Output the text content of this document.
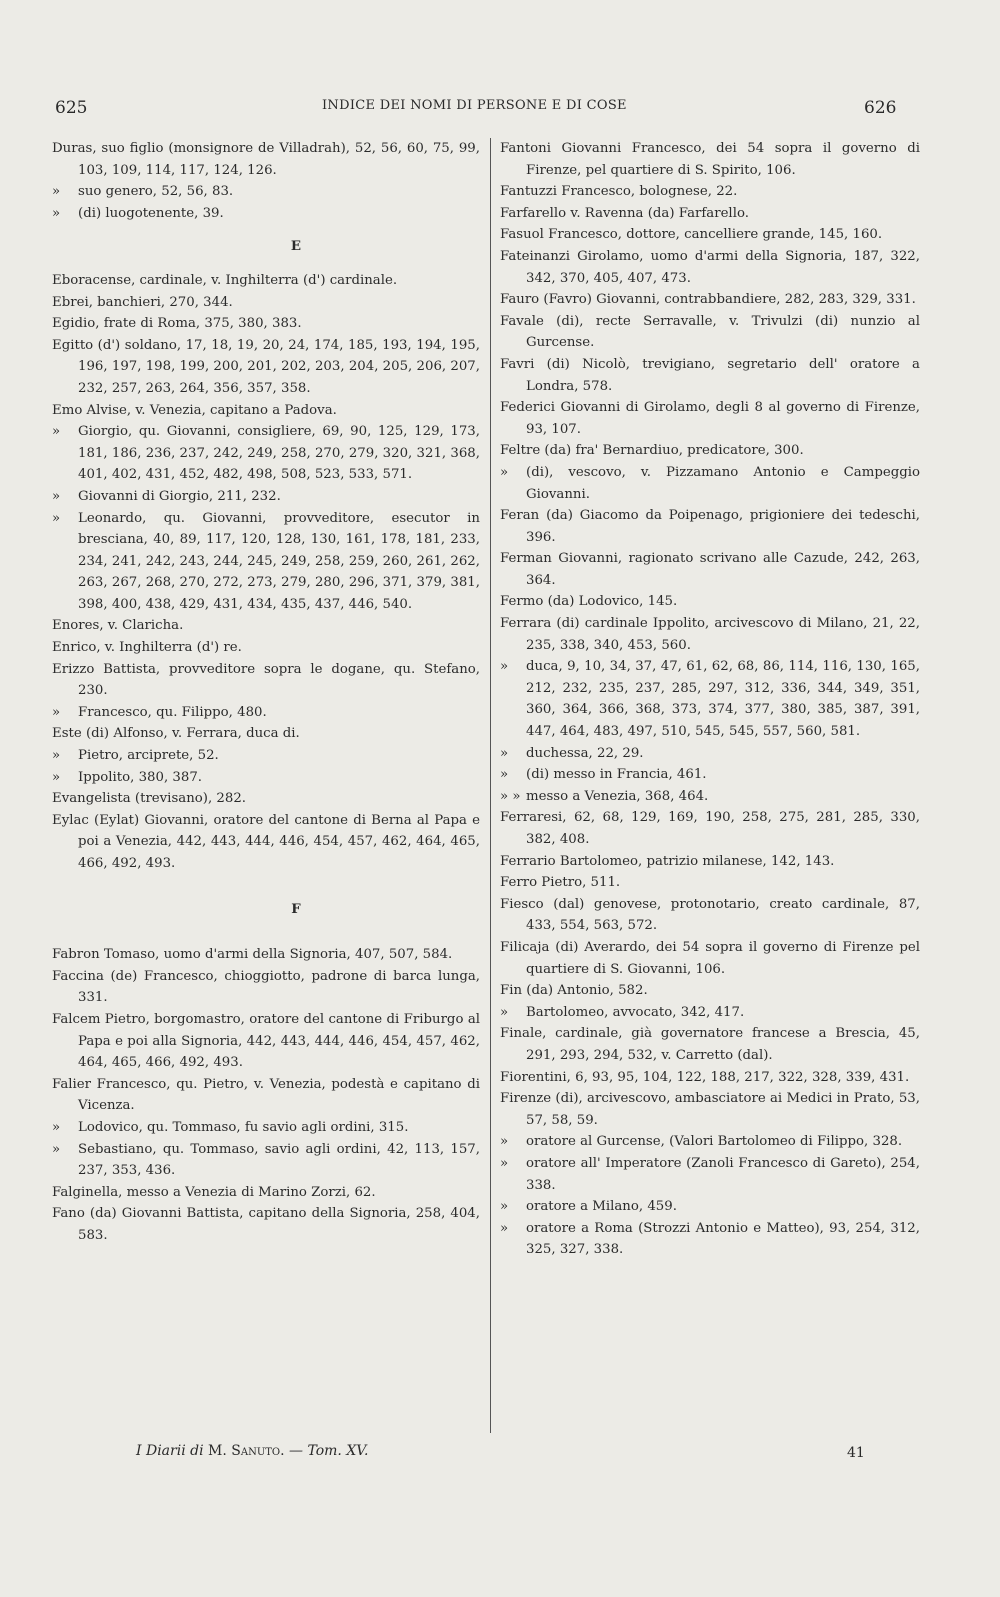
625	INDICE DEI NOMI DI PERSONE E DI COSE	626
Duras, suo figlio (monsignore de Villadrah), 52, 56, 60, 75, 99, 103, 109, 114, 117, 124, 126.
» suo genero, 52, 56, 83.
» (di) luogotenente, 39.
E
Eboracense, cardinale, v. Inghilterra (d') cardinale.
Ebrei, banchieri, 270, 344.
Egidio, frate di Roma, 375, 380, 383.
Egitto (d') soldano, 17, 18, 19, 20, 24, 174, 185, 193, 194, 195, 196, 197, 198, 199, 200, 201, 202, 203, 204, 205, 206, 207, 232, 257, 263, 264, 356, 357, 358.
Emo Alvise, v. Venezia, capitano a Padova.
» Giorgio, qu. Giovanni, consigliere, 69, 90, 125, 129, 173, 181, 186, 236, 237, 242, 249, 258, 270, 279, 320, 321, 368, 401, 402, 431, 452, 482, 498, 508, 523, 533, 571.
» Giovanni di Giorgio, 211, 232.
» Leonardo, qu. Giovanni, provveditore, esecutor in bresciana, 40, 89, 117, 120, 128, 130, 161, 178, 181, 233, 234, 241, 242, 243, 244, 245, 249, 258, 259, 260, 261, 262, 263, 267, 268, 270, 272, 273, 279, 280, 296, 371, 379, 381, 398, 400, 438, 429, 431, 434, 435, 437, 446, 540.
Enores, v. Claricha.
Enrico, v. Inghilterra (d') re.
Erizzo Battista, provveditore sopra le dogane, qu. Stefano, 230.
» Francesco, qu. Filippo, 480.
Este (di) Alfonso, v. Ferrara, duca di.
» Pietro, arciprete, 52.
» Ippolito, 380, 387.
Evangelista (trevisano), 282.
Eylac (Eylat) Giovanni, oratore del cantone di Berna al Papa e poi a Venezia, 442, 443, 444, 446, 454, 457, 462, 464, 465, 466, 492, 493.
F
Fabron Tomaso, uomo d'armi della Signoria, 407, 507, 584.
Faccina (de) Francesco, chioggiotto, padrone di barca lunga, 331.
Falcem Pietro, borgomastro, oratore del cantone di Friburgo al Papa e poi alla Signoria, 442, 443, 444, 446, 454, 457, 462, 464, 465, 466, 492, 493.
Falier Francesco, qu. Pietro, v. Venezia, podestà e capitano di Vicenza.
» Lodovico, qu. Tommaso, fu savio agli ordini, 315.
» Sebastiano, qu. Tommaso, savio agli ordini, 42, 113, 157, 237, 353, 436.
Falginella, messo a Venezia di Marino Zorzi, 62.
Fano (da) Giovanni Battista, capitano della Signoria, 258, 404, 583.
Fantoni Giovanni Francesco, dei 54 sopra il governo di Firenze, pel quartiere di S. Spirito, 106.
Fantuzzi Francesco, bolognese, 22.
Farfarello v. Ravenna (da) Farfarello.
Fasuol Francesco, dottore, cancelliere grande, 145, 160.
Fateinanzi Girolamo, uomo d'armi della Signoria, 187, 322, 342, 370, 405, 407, 473.
Fauro (Favro) Giovanni, contrabbandiere, 282, 283, 329, 331.
Favale (di), recte Serravalle, v. Trivulzi (di) nunzio al Gurcense.
Favri (di) Nicolò, trevigiano, segretario dell' oratore a Londra, 578.
Federici Giovanni di Girolamo, degli 8 al governo di Firenze, 93, 107.
Feltre (da) fra' Bernardiuo, predicatore, 300.
» (di), vescovo, v. Pizzamano Antonio e Campeggio Giovanni.
Feran (da) Giacomo da Poipenago, prigioniere dei tedeschi, 396.
Ferman Giovanni, ragionato scrivano alle Cazude, 242, 263, 364.
Fermo (da) Lodovico, 145.
Ferrara (di) cardinale Ippolito, arcivescovo di Milano, 21, 22, 235, 338, 340, 453, 560.
» duca, 9, 10, 34, 37, 47, 61, 62, 68, 86, 114, 116, 130, 165, 212, 232, 235, 237, 285, 297, 312, 336, 344, 349, 351, 360, 364, 366, 368, 373, 374, 377, 380, 385, 387, 391, 447, 464, 483, 497, 510, 545, 545, 557, 560, 581.
» duchessa, 22, 29.
» (di) messo in Francia, 461.
» » messo a Venezia, 368, 464.
Ferraresi, 62, 68, 129, 169, 190, 258, 275, 281, 285, 330, 382, 408.
Ferrario Bartolomeo, patrizio milanese, 142, 143.
Ferro Pietro, 511.
Fiesco (dal) genovese, protonotario, creato cardinale, 87, 433, 554, 563, 572.
Filicaja (di) Averardo, dei 54 sopra il governo di Firenze pel quartiere di S. Giovanni, 106.
Fin (da) Antonio, 582.
» Bartolomeo, avvocato, 342, 417.
Finale, cardinale, già governatore francese a Brescia, 45, 291, 293, 294, 532, v. Carretto (dal).
Fiorentini, 6, 93, 95, 104, 122, 188, 217, 322, 328, 339, 431.
Firenze (di), arcivescovo, ambasciatore ai Medici in Prato, 53, 57, 58, 59.
» oratore al Gurcense, (Valori Bartolomeo di Filippo, 328.
» oratore all' Imperatore (Zanoli Francesco di Gareto), 254, 338.
» oratore a Milano, 459.
» oratore a Roma (Strozzi Antonio e Matteo), 93, 254, 312, 325, 327, 338.
I Diarii di M. Sanuto. — Tom. XV.	41
